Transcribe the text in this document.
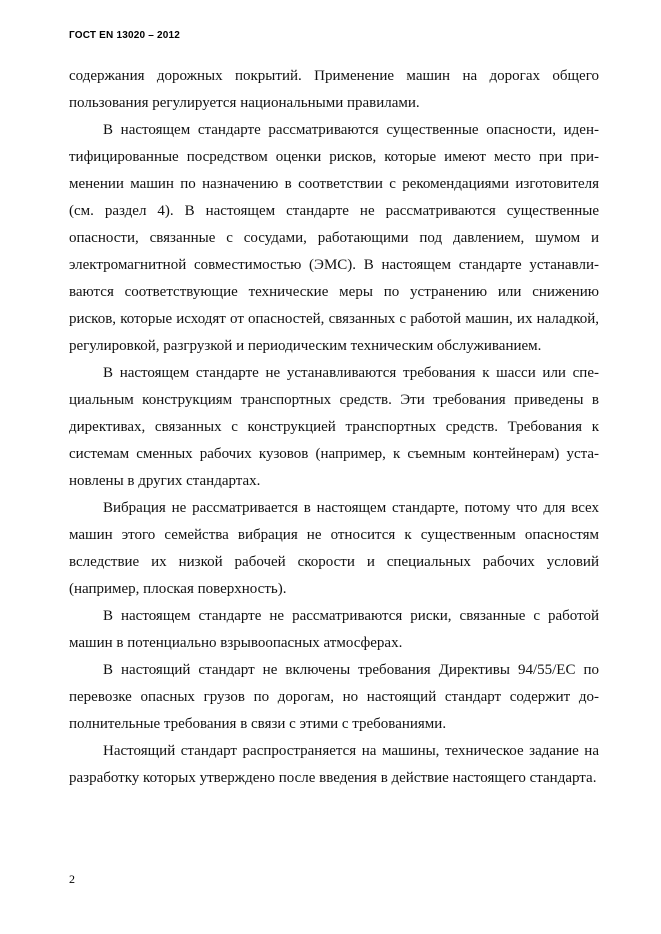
ГОСТ EN 13020 – 2012

содержания дорожных покрытий. Применение машин на дорогах общего пользования регулируется национальными правилами.

В настоящем стандарте рассматриваются существенные опасности, идентифицированные посредством оценки рисков, которые имеют место при применении машин по назначению в соответствии с рекомендациями изготовителя (см. раздел 4). В настоящем стандарте не рассматриваются существенные опасности, связанные с сосудами, работающими под давлением, шумом и электромагнитной совместимостью (ЭМС). В настоящем стандарте устанавливаются соответствующие технические меры по устранению или снижению рисков, которые исходят от опасностей, связанных с работой машин, их наладкой, регулировкой, разгрузкой и периодическим техническим обслуживанием.

В настоящем стандарте не устанавливаются требования к шасси или специальным конструкциям транспортных средств. Эти требования приведены в директивах, связанных с конструкцией транспортных средств. Требования к системам сменных рабочих кузовов (например, к съемным контейнерам) установлены в других стандартах.

Вибрация не рассматривается в настоящем стандарте, потому что для всех машин этого семейства вибрация не относится к существенным опасностям вследствие их низкой рабочей скорости и специальных рабочих условий (например, плоская поверхность).

В настоящем стандарте не рассматриваются риски, связанные с работой машин в потенциально взрывоопасных атмосферах.

В настоящий стандарт не включены требования Директивы 94/55/ЕС по перевозке опасных грузов по дорогам, но настоящий стандарт содержит дополнительные требования в связи с этими с требованиями.

Настоящий стандарт распространяется на машины, техническое задание на разработку которых утверждено после введения в действие настоящего стандарта.

2
